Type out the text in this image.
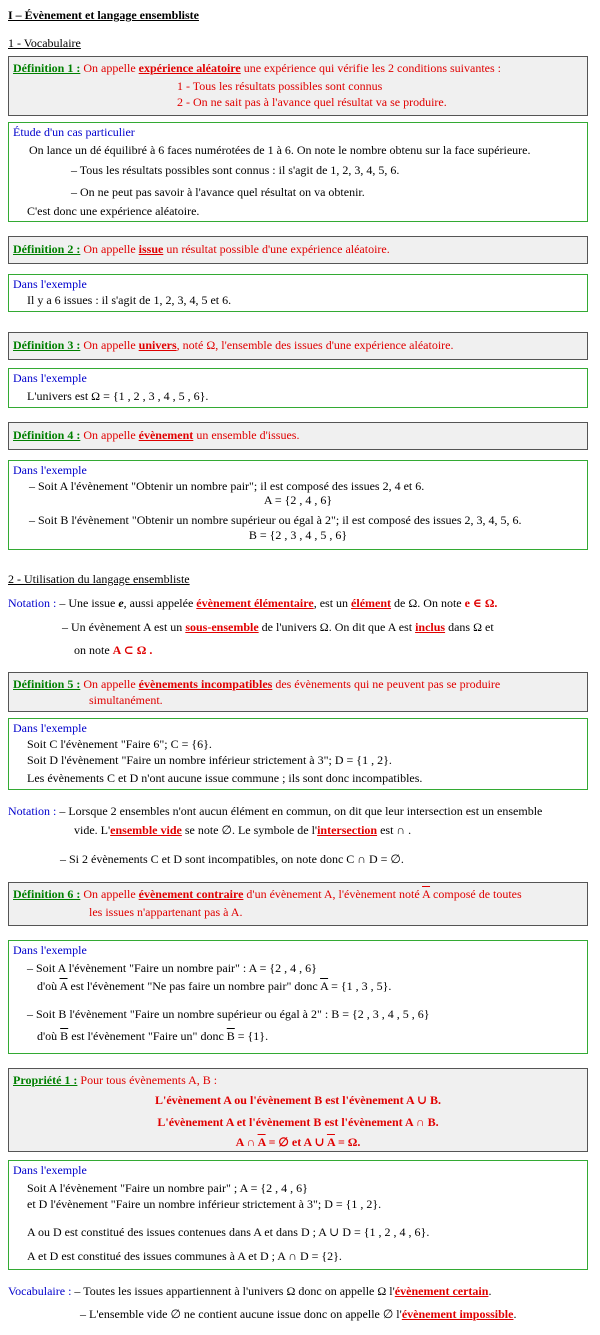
I – Évènement et langage ensembliste
1 - Vocabulaire
Définition 1 : On appelle expérience aléatoire une expérience qui vérifie les 2 conditions suivantes :
1 - Tous les résultats possibles sont connus
2 - On ne sait pas à l'avance quel résultat va se produire.
Étude d'un cas particulier
On lance un dé équilibré à 6 faces numérotées de 1 à 6. On note le nombre obtenu sur la face supérieure.
– Tous les résultats possibles sont connus : il s'agit de 1, 2, 3, 4, 5, 6.
– On ne peut pas savoir à l'avance quel résultat on va obtenir.
C'est donc une expérience aléatoire.
Définition 2 : On appelle issue un résultat possible d'une expérience aléatoire.
Dans l'exemple
Il y a 6 issues : il s'agit de 1, 2, 3, 4, 5 et 6.
Définition 3 : On appelle univers, noté Ω, l'ensemble des issues d'une expérience aléatoire.
Dans l'exemple
L'univers est Ω = {1 , 2 , 3 , 4 , 5 , 6}.
Définition 4 : On appelle évènement un ensemble d'issues.
Dans l'exemple
– Soit A l'évènement "Obtenir un nombre pair"; il est composé des issues 2, 4 et 6.
A = {2 , 4 , 6}
– Soit B l'évènement "Obtenir un nombre supérieur ou égal à 2"; il est composé des issues 2, 3, 4, 5, 6.
B = {2 , 3 , 4 , 5 , 6}
2 - Utilisation du langage ensembliste
Notation : – Une issue e, aussi appelée évènement élémentaire, est un élément de Ω. On note e ∈ Ω.
– Un évènement A est un sous-ensemble de l'univers Ω. On dit que A est inclus dans Ω et
on note A ⊂ Ω .
Définition 5 : On appelle évènements incompatibles des évènements qui ne peuvent pas se produire
simultanément.
Dans l'exemple
Soit C l'évènement "Faire 6"; C = {6}.
Soit D l'évènement "Faire un nombre inférieur strictement à 3"; D = {1 , 2}.
Les évènements C et D n'ont aucune issue commune ; ils sont donc incompatibles.
Notation : – Lorsque 2 ensembles n'ont aucun élément en commun, on dit que leur intersection est un ensemble
vide. L'ensemble vide se note ∅. Le symbole de l'intersection est ∩ .
– Si 2 évènements C et D sont incompatibles, on note donc C ∩ D = ∅.
Définition 6 : On appelle évènement contraire d'un évènement A, l'évènement noté $\overline{A}$ composé de toutes
les issues n'appartenant pas à A.
Dans l'exemple
– Soit A l'évènement "Faire un nombre pair" : A = {2 , 4 , 6}
d'où $\overline{A}$ est l'évènement "Ne pas faire un nombre pair" donc $\overline{A} = \{1$ , 3 , 5}.
– Soit B l'évènement "Faire un nombre supérieur ou égal à 2" : B = {2 , 3 , 4 , 5 , 6}
d'où $\overline{B}$ est l'évènement "Faire un" donc $\overline{B} = \{1\}$.
Propriété 1 : Pour tous évènements A, B :
L'évènement A ou l'évènement B est l'évènement A ∪ B.
L'évènement A et l'évènement B est l'évènement A ∩ B.
A ∩ $\overline{A}$ = ∅ et A ∪ $\overline{A} = \Omega$.
Dans l'exemple
Soit A l'évènement "Faire un nombre pair" ; A = {2 , 4 , 6}
et D l'évènement "Faire un nombre inférieur strictement à 3"; D = {1 , 2}.
A ou D est constitué des issues contenues dans A et dans D ; A ∪ D = {1 , 2 , 4 , 6}.
A et D est constitué des issues communes à A et D ; A ∩ D = {2}.
Vocabulaire : – Toutes les issues appartiennent à l'univers Ω donc on appelle Ω l'évènement certain.
– L'ensemble vide ∅ ne contient aucune issue donc on appelle ∅ l'évènement impossible.
